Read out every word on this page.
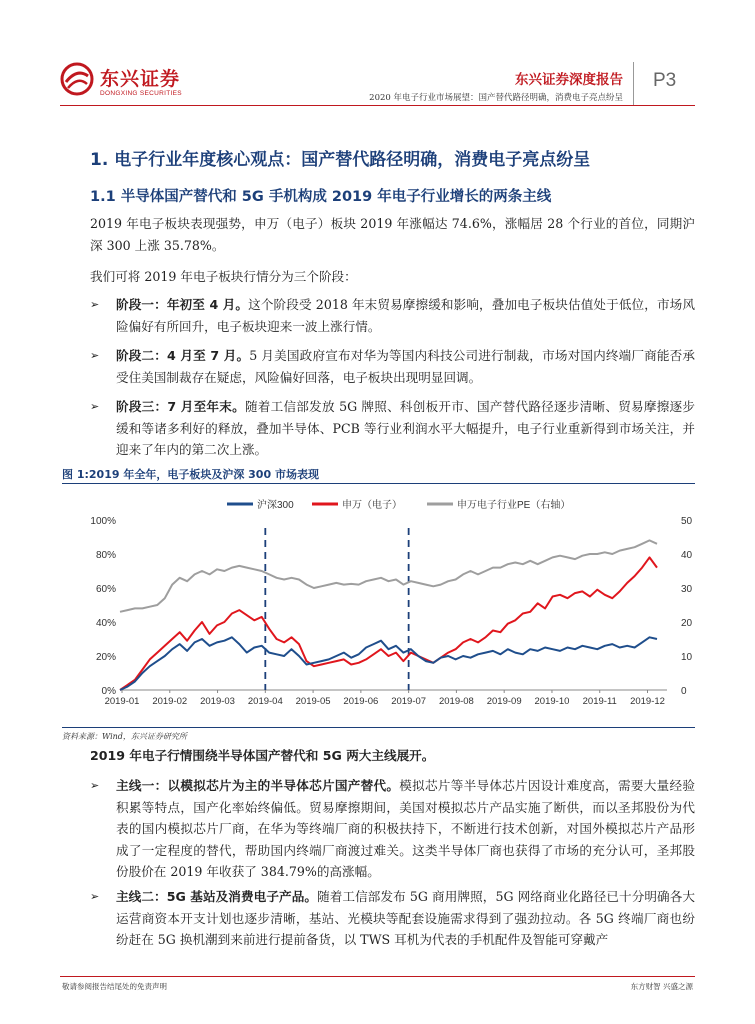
东兴证券
DONGXING SECURITIES
东兴证券深度报告
2020 年电子行业市场展望：国产替代路径明确，消费电子亮点纷呈
P3
1. 电子行业年度核心观点：国产替代路径明确，消费电子亮点纷呈
1.1 半导体国产替代和 5G 手机构成 2019 年电子行业增长的两条主线
2019 年电子板块表现强势，申万（电子）板块 2019 年涨幅达 74.6%，涨幅居 28 个行业的首位，同期沪深 300 上涨 35.78%。
我们可将 2019 年电子板块行情分为三个阶段：
➢ 阶段一：年初至 4 月。这个阶段受 2018 年末贸易摩擦缓和影响，叠加电子板块估值处于低位，市场风险偏好有所回升，电子板块迎来一波上涨行情。
➢ 阶段二：4 月至 7 月。5 月美国政府宣布对华为等国内科技公司进行制裁，市场对国内终端厂商能否承受住美国制裁存在疑虑，风险偏好回落，电子板块出现明显回调。
➢ 阶段三：7 月至年末。随着工信部发放 5G 牌照、科创板开市、国产替代路径逐步清晰、贸易摩擦逐步缓和等诸多利好的释放，叠加半导体、PCB 等行业利润水平大幅提升，电子行业重新得到市场关注，并迎来了年内的第二次上涨。
图 1:2019 年全年，电子板块及沪深 300 市场表现
沪深300	申万（电子）	申万电子行业PE（右轴）
0%
20%
40%
60%
80%
100%
0
10
20
30
40
50
2019-01 2019-02 2019-03 2019-04 2019-05 2019-06 2019-07 2019-08 2019-09 2019-10 2019-11 2019-12
资料来源：Wind，东兴证券研究所
2019 年电子行情围绕半导体国产替代和 5G 两大主线展开。
➢ 主线一：以模拟芯片为主的半导体芯片国产替代。模拟芯片等半导体芯片因设计难度高，需要大量经验积累等特点，国产化率始终偏低。贸易摩擦期间，美国对模拟芯片产品实施了断供，而以圣邦股份为代表的国内模拟芯片厂商，在华为等终端厂商的积极扶持下，不断进行技术创新，对国外模拟芯片产品形成了一定程度的替代，帮助国内终端厂商渡过难关。这类半导体厂商也获得了市场的充分认可，圣邦股份股价在 2019 年收获了 384.79%的高涨幅。
➢ 主线二：5G 基站及消费电子产品。随着工信部发布 5G 商用牌照，5G 网络商业化路径已十分明确各大运营商资本开支计划也逐步清晰，基站、光模块等配套设施需求得到了强劲拉动。各 5G 终端厂商也纷纷赶在 5G 换机潮到来前进行提前备货，以 TWS 耳机为代表的手机配件及智能可穿戴产
敬请参阅报告结尾处的免责声明	东方财智 兴盛之源
